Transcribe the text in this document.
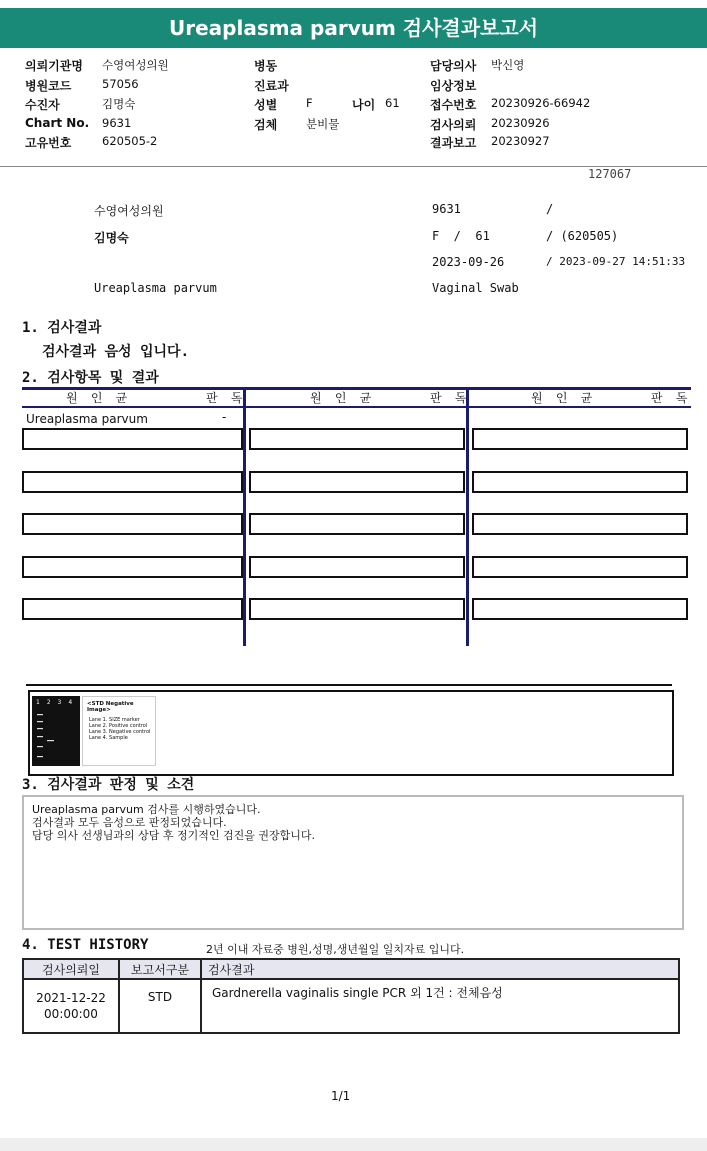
Ureaplasma parvum 검사결과보고서
의뢰기관명 수영여성의원
병원코드	57056
수진자	김명숙
Chart No. 9631
고유번호	620505-2
병동
진료과
성별	F	나이 61
검체	분비물
담당의사 박신영
임상정보
접수번호 20230926-66942
검사의뢰 20230926
결과보고 20230927
127067
수영여성의원	9631	/
김명숙	F  /  61	/ (620505)
2023-09-26	/ 2023-09-27 14:51:33
Ureaplasma parvum	Vaginal Swab
1. 검사결과
검사결과 음성 입니다.
2. 검사항목 및 결과
원 인 균	판 독	원 인 균	판 독	원 인 균	판 독
Ureaplasma parvum	-
1  2  3  4	<STD Negative Image>
Lane 1. SIZE marker
Lane 2. Positive control
Lane 3. Negative control
Lane 4. Sample
3. 검사결과 판정 및 소견
Ureaplasma parvum 검사를 시행하였습니다.
검사결과 모두 음성으로 판정되었습니다.
담당 의사 선생님과의 상담 후 정기적인 검진을 권장합니다.
4. TEST HISTORY	2년 이내 자료중 병원,성명,생년월일 일치자료 입니다.
검사의뢰일	보고서구분	검사결과

2021-12-22
00:00:00	STD	Gardnerella vaginalis single PCR 외 1건 : 전체음성
1/1
